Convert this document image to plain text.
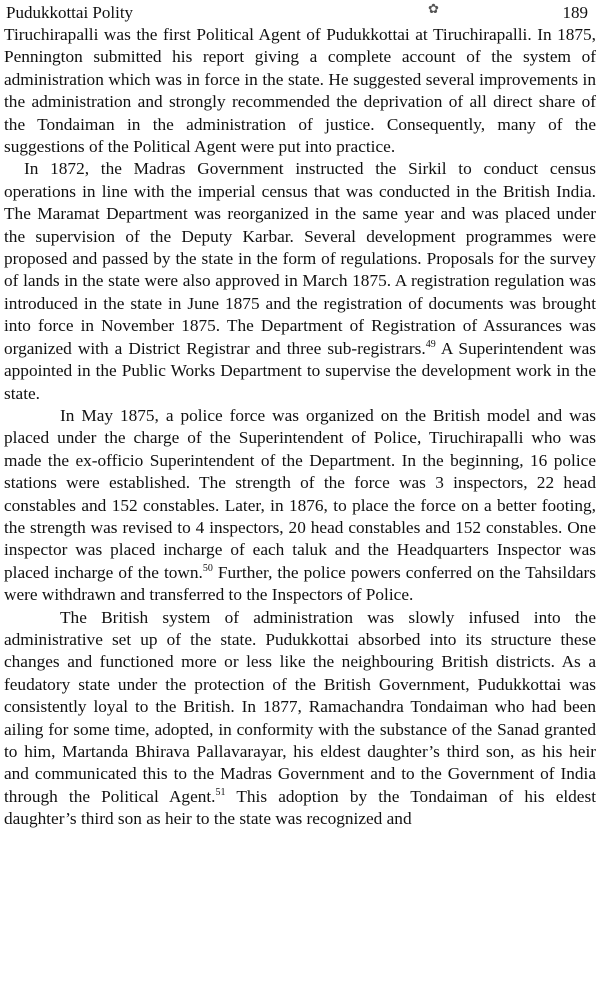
Pudukkottai Polity	✿	189

Tiruchirapalli was the first Political Agent of Pudukkottai at Tiruchirapalli. In 1875, Pennington submitted his report giving a complete account of the system of administration which was in force in the state. He suggested several improvements in the administration and strongly recommended the deprivation of all direct share of the Tondaiman in the administration of justice. Consequently, many of the suggestions of the Political Agent were put into practice.

In 1872, the Madras Government instructed the Sirkil to conduct census operations in line with the imperial census that was conducted in the British India. The Maramat Department was reorganized in the same year and was placed under the supervision of the Deputy Karbar. Several development programmes were proposed and passed by the state in the form of regulations. Proposals for the survey of lands in the state were also approved in March 1875. A registration regulation was introduced in the state in June 1875 and the registration of documents was brought into force in November 1875. The Department of Registration of Assurances was organized with a District Registrar and three sub-registrars.$^{49}$ A Superintendent was appointed in the Public Works Department to supervise the development work in the state.

In May 1875, a police force was organized on the British model and was placed under the charge of the Superintendent of Police, Tiruchirapalli who was made the ex-officio Superintendent of the Department. In the beginning, 16 police stations were established. The strength of the force was 3 inspectors, 22 head constables and 152 constables. Later, in 1876, to place the force on a better footing, the strength was revised to 4 inspectors, 20 head constables and 152 constables. One inspector was placed incharge of each taluk and the Headquarters Inspector was placed incharge of the town.$^{50}$ Further, the police powers conferred on the Tahsildars were withdrawn and transferred to the Inspectors of Police.

The British system of administration was slowly infused into the administrative set up of the state. Pudukkottai absorbed into its structure these changes and functioned more or less like the neighbouring British districts. As a feudatory state under the protection of the British Government, Pudukkottai was consistently loyal to the British. In 1877, Ramachandra Tondaiman who had been ailing for some time, adopted, in conformity with the substance of the Sanad granted to him, Martanda Bhirava Pallavarayar, his eldest daughter’s third son, as his heir and communicated this to the Madras Government and to the Government of India through the Political Agent.$^{51}$ This adoption by the Tondaiman of his eldest daughter’s third son as heir to the state was recognized and
